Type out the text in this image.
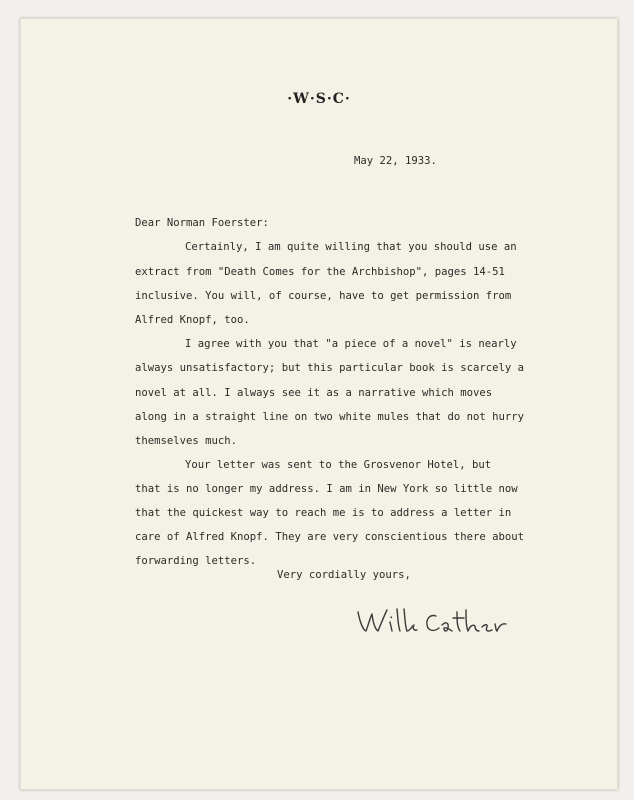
·W·S·C·
May 22, 1933.
Dear Norman Foerster:
Certainly, I am quite willing that you should use an
extract from "Death Comes for the Archbishop", pages 14-51
inclusive. You will, of course, have to get permission from
Alfred Knopf, too.
I agree with you that "a piece of a novel" is nearly
always unsatisfactory; but this particular book is scarcely a
novel at all. I always see it as a narrative which moves
along in a straight line on two white mules that do not hurry
themselves much.
Your letter was sent to the Grosvenor Hotel, but
that is no longer my address. I am in New York so little now
that the quickest way to reach me is to address a letter in
care of Alfred Knopf. They are very conscientious there about
forwarding letters.
Very cordially yours,
